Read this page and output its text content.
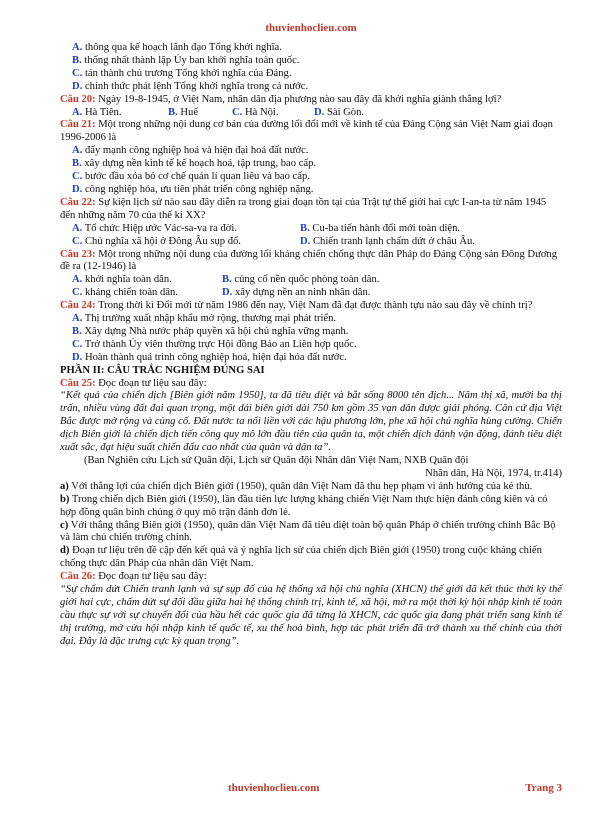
thuvienhoclieu.com
A. thông qua kế hoạch lãnh đạo Tổng khởi nghĩa.
B. thống nhất thành lập Ủy ban khởi nghĩa toàn quốc.
C. tán thành chủ trương Tổng khởi nghĩa của Đảng.
D. chính thức phát lệnh Tổng khởi nghĩa trong cả nước.
Câu 20: Ngày 19-8-1945, ở Việt Nam, nhân dân địa phương nào sau đây đã khởi nghĩa giành thắng lợi?
A. Hà Tiên.	B. Huế	C. Hà Nội.	D. Sài Gòn.
Câu 21: Một trong những nội dung cơ bản của đường lối đổi mới về kinh tế của Đảng Cộng sản Việt Nam giai đoạn 1996-2006 là
A. đẩy mạnh công nghiệp hoá và hiện đại hoá đất nước.
B. xây dựng nền kinh tế kế hoạch hoá, tập trung, bao cấp.
C. bước đầu xóa bỏ cơ chế quản lí quan liêu và bao cấp.
D. công nghiệp hóa, ưu tiên phát triển công nghiệp nặng.
Câu 22: Sự kiện lịch sử nào sau đây diễn ra trong giai đoạn tồn tại của Trật tự thế giới hai cực I-an-ta từ năm 1945 đến những năm 70 của thế kỉ XX?
A. Tổ chức Hiệp ước Vác-sa-va ra đời.	B. Cu-ba tiến hành đổi mới toàn diện.
C. Chủ nghĩa xã hội ở Đông Âu sụp đổ.	D. Chiến tranh lạnh chấm dứt ở châu Âu.
Câu 23: Một trong những nội dung của đường lối kháng chiến chống thực dân Pháp do Đảng Cộng sản Đông Dương đề ra (12-1946) là
A. khởi nghĩa toàn dân.	B. củng cố nền quốc phòng toàn dân.
C. kháng chiến toàn dân.	D. xây dựng nền an ninh nhân dân.
Câu 24: Trong thời kì Đổi mới từ năm 1986 đến nay, Việt Nam đã đạt được thành tựu nào sau đây về chính trị?
A. Thị trường xuất nhập khẩu mở rộng, thương mại phát triển.
B. Xây dựng Nhà nước pháp quyền xã hội chủ nghĩa vững mạnh.
C. Trở thành Ủy viên thường trực Hội đồng Bảo an Liên hợp quốc.
D. Hoàn thành quá trình công nghiệp hoá, hiện đại hóa đất nước.
PHẦN II: CÂU TRẮC NGHIỆM ĐÚNG SAI
Câu 25: Đọc đoạn tư liệu sau đây:
“Kết quả của chiến dịch [Biên giới năm 1950], ta đã tiêu diệt và bắt sống 8000 tên địch... Năm thị xã, mười ba thị trấn, nhiều vùng đất đai quan trọng, một dải biên giới dài 750 km gồm 35 vạn dân được giải phóng. Căn cứ địa Việt Bắc được mở rộng và củng cố. Đất nước ta nối liền với các hậu phương lớn, phe xã hội chủ nghĩa hùng cường. Chiến dịch Biên giới là chiến dịch tiến công quy mô lớn đầu tiên của quân ta, một chiến dịch đánh vận động, đánh tiêu diệt xuất sắc, đạt hiệu suất chiến đấu cao nhất của quân và dân ta”.
(Ban Nghiên cứu Lịch sử Quân đội, Lịch sử Quân đội Nhân dân Việt Nam, NXB Quân đội
Nhân dân, Hà Nội, 1974, tr.414)
a) Với thắng lợi của chiến dịch Biên giới (1950), quân dân Việt Nam đã thu hẹp phạm vi ảnh hưởng của kẻ thù.
b) Trong chiến dịch Biên giới (1950), lần đầu tiên lực lượng kháng chiến Việt Nam thực hiện đánh công kiên và có hợp đồng quân binh chủng ở quy mô trận đánh đơn lẻ.
c) Với thắng thắng Biên giới (1950), quân dân Việt Nam đã tiêu diệt toàn bộ quân Pháp ở chiến trường chính Bắc Bộ và làm chủ chiến trường chính.
d) Đoạn tư liệu trên đề cập đến kết quả và ý nghĩa lịch sử của chiến dịch Biên giới (1950) trong cuộc kháng chiến chống thực dân Pháp của nhân dân Việt Nam.
Câu 26: Đọc đoạn tư liệu sau đây:
“Sự chấm dứt Chiến tranh lạnh và sự sụp đổ của hệ thống xã hội chủ nghĩa (XHCN) thế giới đã kết thúc thời kỳ thế giới hai cực, chấm dứt sự đối đầu giữa hai hệ thống chính trị, kinh tế, xã hội, mở ra một thời kỳ hội nhập kinh tế toàn cầu thực sự với sự chuyển đổi của hầu hết các quốc gia đã từng là XHCN, các quốc gia đang phát triển sang kinh tế thị trường, mở cửa hội nhập kinh tế quốc tế, xu thế hoà bình, hợp tác phát triển đã trở thành xu thế chính của thời đại. Đây là đặc trưng cực kỳ quan trọng”.
thuvienhoclieu.com	Trang 3
